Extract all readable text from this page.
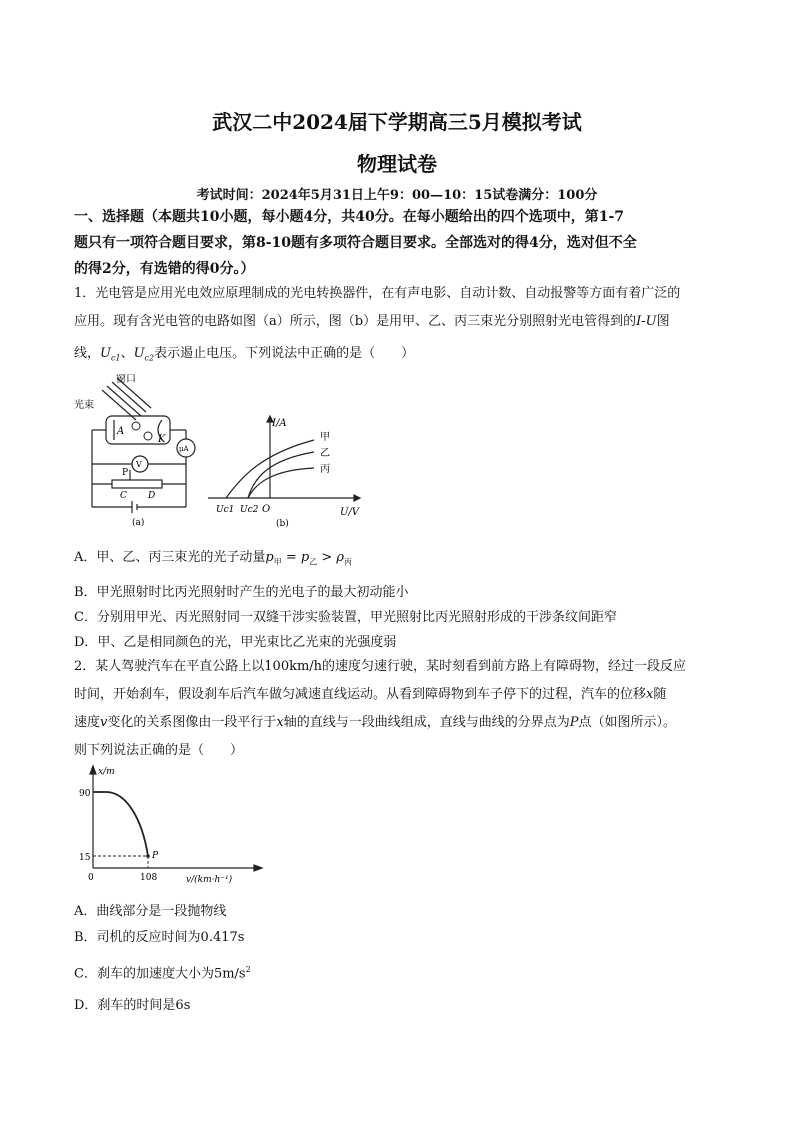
武汉二中2024届下学期高三5月模拟考试
物理试卷
考试时间：2024年5月31日上午9：00—10：15试卷满分：100分
一、选择题（本题共10小题，每小题4分，共40分。在每小题给出的四个选项中，第1-7
题只有一项符合题目要求，第8-10题有多项符合题目要求。全部选对的得4分，选对但不全
的得2分，有选错的得0分。）
1．光电管是应用光电效应原理制成的光电转换器件，在有声电影、自动计数、自动报警等方面有着广泛的
应用。现有含光电管的电路如图（a）所示，图（b）是用甲、乙、丙三束光分别照射光电管得到的I-U图
线，$U_{c1}$、$U_{c2}$表示遏止电压。下列说法中正确的是（　　）
窗口
光束
A
K
μA
V
P
C D
(a)
I/A
U/V
O
Uc1 Uc2
甲
乙
丙
(b)
A．甲、乙、丙三束光的光子动量$p_甲 = p_乙 > \rho_丙$
B．甲光照射时比丙光照射时产生的光电子的最大初动能小
C．分别用甲光、丙光照射同一双缝干涉实验装置，甲光照射比丙光照射形成的干涉条纹间距窄
D．甲、乙是相同颜色的光，甲光束比乙光束的光强度弱
2．某人驾驶汽车在平直公路上以100km/h的速度匀速行驶，某时刻看到前方路上有障碍物，经过一段反应
时间，开始刹车，假设刹车后汽车做匀减速直线运动。从看到障碍物到车子停下的过程，汽车的位移x随
速度v变化的关系图像由一段平行于x轴的直线与一段曲线组成，直线与曲线的分界点为P点（如图所示）。
则下列说法正确的是（　　）
x/m
v/(km·h⁻¹)
0
90
15
108
P
A．曲线部分是一段抛物线
B．司机的反应时间为0.417s
C．刹车的加速度大小为$5m/s^2$
D．刹车的时间是6s
